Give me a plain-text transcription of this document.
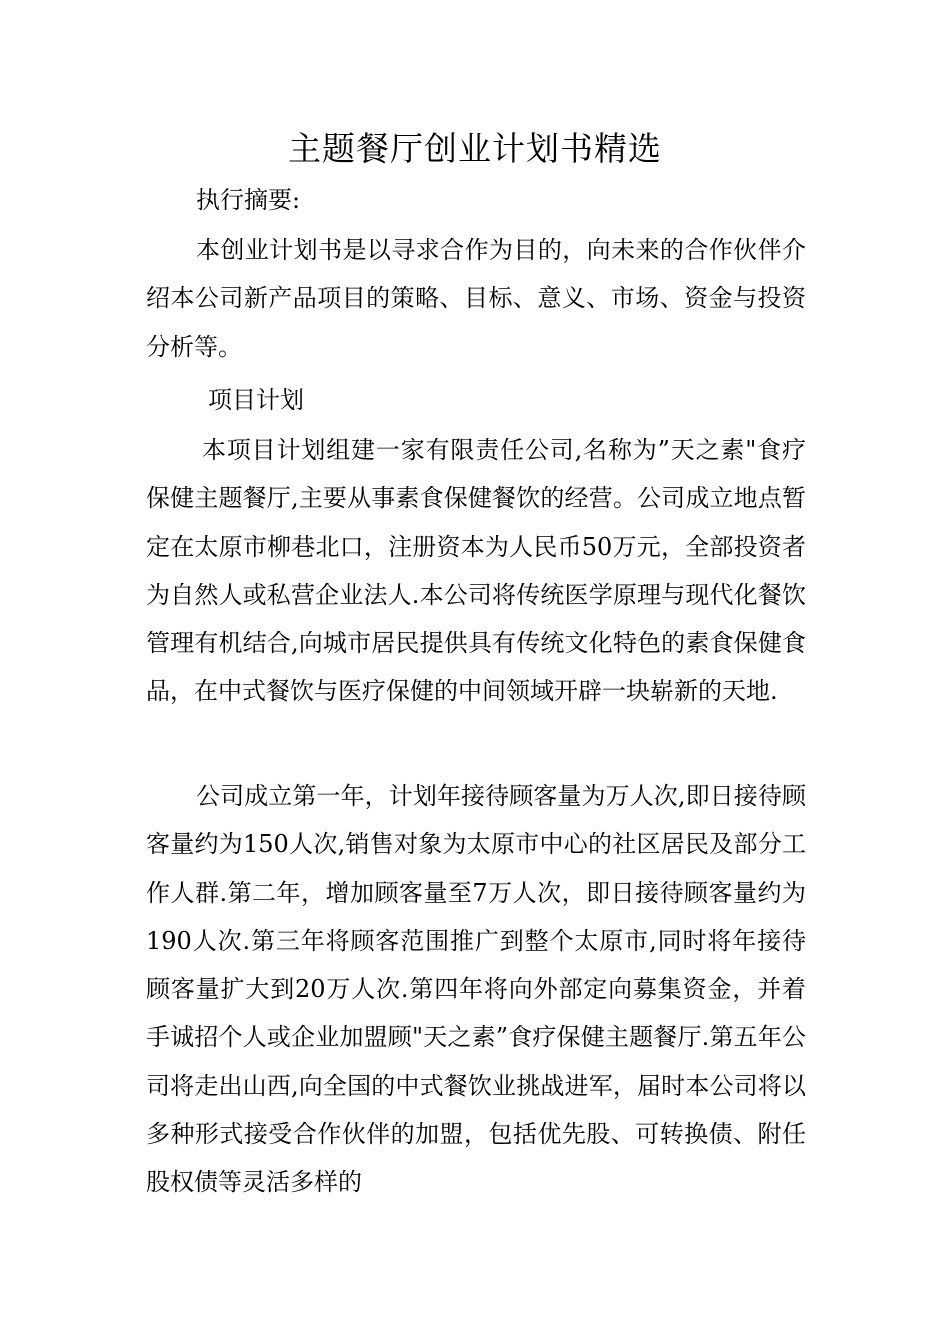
主题餐厅创业计划书精选
执行摘要:

本创业计划书是以寻求合作为目的，向未来的合作伙伴介绍本公司新产品项目的策略、目标、意义、市场、资金与投资分析等。

项目计划

本项目计划组建一家有限责任公司,名称为”天之素"食疗保健主题餐厅,主要从事素食保健餐饮的经营。公司成立地点暂定在太原市柳巷北口，注册资本为人民币50万元，全部投资者为自然人或私营企业法人.本公司将传统医学原理与现代化餐饮管理有机结合,向城市居民提供具有传统文化特色的素食保健食品，在中式餐饮与医疗保健的中间领域开辟一块崭新的天地.

公司成立第一年，计划年接待顾客量为万人次,即日接待顾客量约为150人次,销售对象为太原市中心的社区居民及部分工作人群.第二年，增加顾客量至7万人次，即日接待顾客量约为190人次.第三年将顾客范围推广到整个太原市,同时将年接待顾客量扩大到20万人次.第四年将向外部定向募集资金，并着手诚招个人或企业加盟顾"天之素”食疗保健主题餐厅.第五年公司将走出山西,向全国的中式餐饮业挑战进军，届时本公司将以多种形式接受合作伙伴的加盟，包括优先股、可转换债、附任股权债等灵活多样的
